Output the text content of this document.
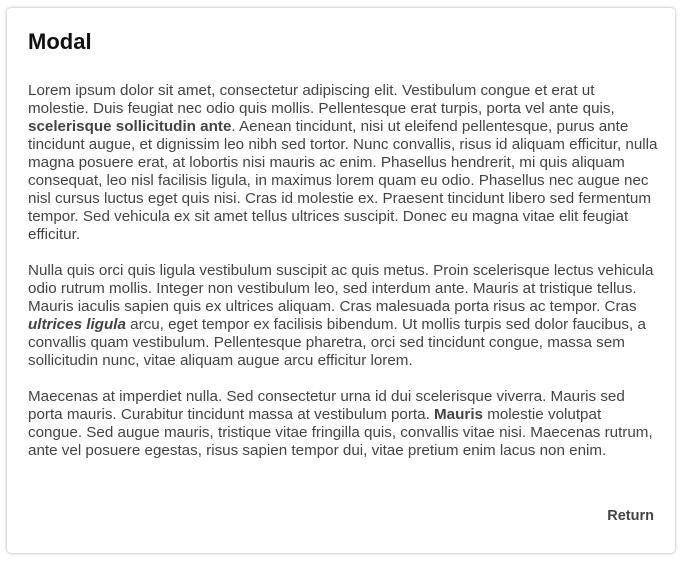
Modal

Lorem ipsum dolor sit amet, consectetur adipiscing elit. Vestibulum congue et erat ut molestie. Duis feugiat nec odio quis mollis. Pellentesque erat turpis, porta vel ante quis, scelerisque sollicitudin ante. Aenean tincidunt, nisi ut eleifend pellentesque, purus ante tincidunt augue, et dignissim leo nibh sed tortor. Nunc convallis, risus id aliquam efficitur, nulla magna posuere erat, at lobortis nisi mauris ac enim. Phasellus hendrerit, mi quis aliquam consequat, leo nisl facilisis ligula, in maximus lorem quam eu odio. Phasellus nec augue nec nisl cursus luctus eget quis nisi. Cras id molestie ex. Praesent tincidunt libero sed fermentum tempor. Sed vehicula ex sit amet tellus ultrices suscipit. Donec eu magna vitae elit feugiat efficitur.

Nulla quis orci quis ligula vestibulum suscipit ac quis metus. Proin scelerisque lectus vehicula odio rutrum mollis. Integer non vestibulum leo, sed interdum ante. Mauris at tristique tellus. Mauris iaculis sapien quis ex ultrices aliquam. Cras malesuada porta risus ac tempor. Cras ultrices ligula arcu, eget tempor ex facilisis bibendum. Ut mollis turpis sed dolor faucibus, a convallis quam vestibulum. Pellentesque pharetra, orci sed tincidunt congue, massa sem sollicitudin nunc, vitae aliquam augue arcu efficitur lorem.

Maecenas at imperdiet nulla. Sed consectetur urna id dui scelerisque viverra. Mauris sed porta mauris. Curabitur tincidunt massa at vestibulum porta. Mauris molestie volutpat congue. Sed augue mauris, tristique vitae fringilla quis, convallis vitae nisi. Maecenas rutrum, ante vel posuere egestas, risus sapien tempor dui, vitae pretium enim lacus non enim.

Return
